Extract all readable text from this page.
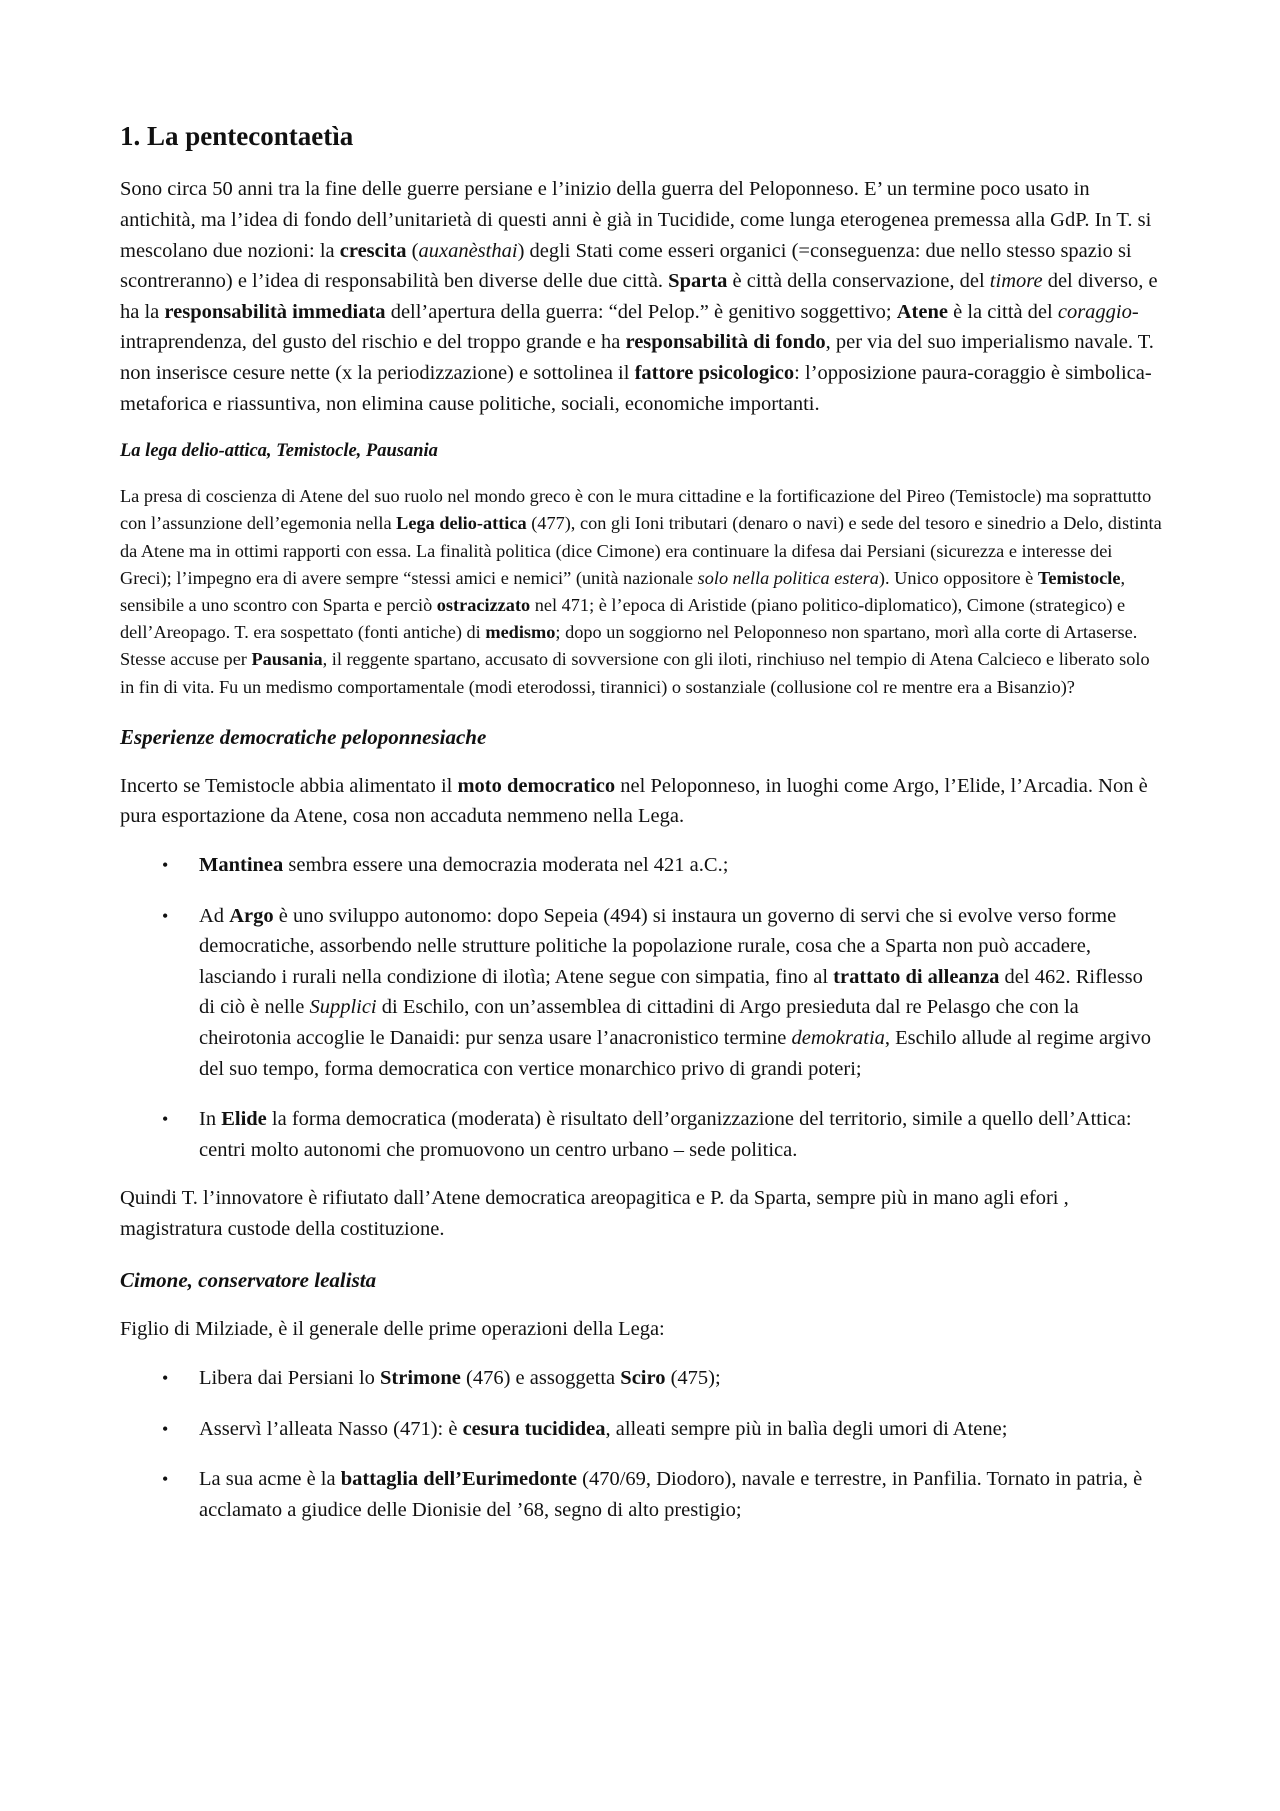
1. La pentecontaetìa

Sono circa 50 anni tra la fine delle guerre persiane e l’inizio della guerra del Peloponneso. E’ un termine poco usato in antichità, ma l’idea di fondo dell’unitarietà di questi anni è già in Tucidide, come lunga eterogenea premessa alla GdP. In T. si mescolano due nozioni: la crescita (auxanèsthai) degli Stati come esseri organici (=conseguenza: due nello stesso spazio si scontreranno) e l’idea di responsabilità ben diverse delle due città. Sparta è città della conservazione, del timore del diverso, e ha la responsabilità immediata dell’apertura della guerra: “del Pelop.” è genitivo soggettivo; Atene è la città del coraggio-intraprendenza, del gusto del rischio e del troppo grande e ha responsabilità di fondo, per via del suo imperialismo navale. T. non inserisce cesure nette (x la periodizzazione) e sottolinea il fattore psicologico: l’opposizione paura-coraggio è simbolica-metaforica e riassuntiva, non elimina cause politiche, sociali, economiche importanti.

La lega delio-attica, Temistocle, Pausania

La presa di coscienza di Atene del suo ruolo nel mondo greco è con le mura cittadine e la fortificazione del Pireo (Temistocle) ma soprattutto con l’assunzione dell’egemonia nella Lega delio-attica (477), con gli Ioni tributari (denaro o navi) e sede del tesoro e sinedrio a Delo, distinta da Atene ma in ottimi rapporti con essa. La finalità politica (dice Cimone) era continuare la difesa dai Persiani (sicurezza e interesse dei Greci); l’impegno era di avere sempre “stessi amici e nemici” (unità nazionale solo nella politica estera). Unico oppositore è Temistocle, sensibile a uno scontro con Sparta e perciò ostracizzato nel 471; è l’epoca di Aristide (piano politico-diplomatico), Cimone (strategico) e dell’Areopago. T. era sospettato (fonti antiche) di medismo; dopo un soggiorno nel Peloponneso non spartano, morì alla corte di Artaserse. Stesse accuse per Pausania, il reggente spartano, accusato di sovversione con gli iloti, rinchiuso nel tempio di Atena Calcieco e liberato solo in fin di vita. Fu un medismo comportamentale (modi eterodossi, tirannici) o sostanziale (collusione col re mentre era a Bisanzio)?

Esperienze democratiche peloponnesiache

Incerto se Temistocle abbia alimentato il moto democratico nel Peloponneso, in luoghi come Argo, l’Elide, l’Arcadia. Non è pura esportazione da Atene, cosa non accaduta nemmeno nella Lega.

• Mantinea sembra essere una democrazia moderata nel 421 a.C.;
• Ad Argo è uno sviluppo autonomo: dopo Sepeia (494) si instaura un governo di servi che si evolve verso forme democratiche, assorbendo nelle strutture politiche la popolazione rurale, cosa che a Sparta non può accadere, lasciando i rurali nella condizione di ilotìa; Atene segue con simpatia, fino al trattato di alleanza del 462. Riflesso di ciò è nelle Supplici di Eschilo, con un’assemblea di cittadini di Argo presieduta dal re Pelasgo che con la cheirotonia accoglie le Danaidi: pur senza usare l’anacronistico termine demokratia, Eschilo allude al regime argivo del suo tempo, forma democratica con vertice monarchico privo di grandi poteri;
• In Elide la forma democratica (moderata) è risultato dell’organizzazione del territorio, simile a quello dell’Attica: centri molto autonomi che promuovono un centro urbano – sede politica.

Quindi T. l’innovatore è rifiutato dall’Atene democratica areopagitica e P. da Sparta, sempre più in mano agli efori , magistratura custode della costituzione.

Cimone, conservatore lealista

Figlio di Milziade, è il generale delle prime operazioni della Lega:

• Libera dai Persiani lo Strimone (476) e assoggetta Sciro (475);
• Asservì l’alleata Nasso (471): è cesura tucididea, alleati sempre più in balìa degli umori di Atene;
• La sua acme è la battaglia dell’Eurimedonte (470/69, Diodoro), navale e terrestre, in Panfilia. Tornato in patria, è acclamato a giudice delle Dionisie del ’68, segno di alto prestigio;
